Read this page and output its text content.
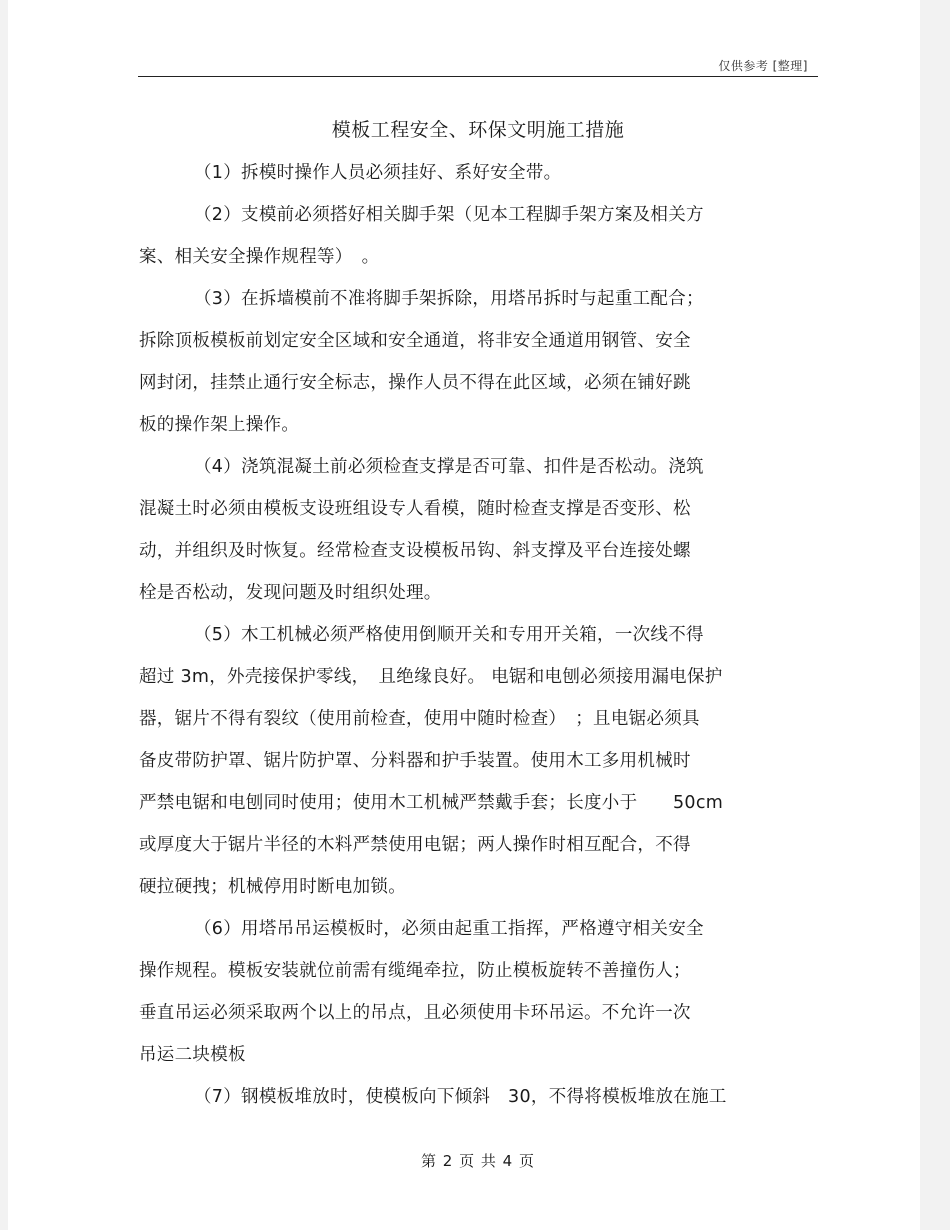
仅供参考 [整理]
模板工程安全、环保文明施工措施
（1）拆模时操作人员必须挂好、系好安全带。
（2）支模前必须搭好相关脚手架（见本工程脚手架方案及相关方
案、相关安全操作规程等）　。
（3）在拆墙模前不准将脚手架拆除，用塔吊拆时与起重工配合；
拆除顶板模板前划定安全区域和安全通道，将非安全通道用钢管、安全
网封闭，挂禁止通行安全标志，操作人员不得在此区域，必须在铺好跳
板的操作架上操作。
（4）浇筑混凝土前必须检查支撑是否可靠、扣件是否松动。浇筑
混凝土时必须由模板支设班组设专人看模，随时检查支撑是否变形、松
动，并组织及时恢复。经常检查支设模板吊钩、斜支撑及平台连接处螺
栓是否松动，发现问题及时组织处理。
（5）木工机械必须严格使用倒顺开关和专用开关箱，一次线不得
超过 3m，外壳接保护零线，　且绝缘良好。 电锯和电刨必须接用漏电保护
器，锯片不得有裂纹（使用前检查，使用中随时检查）　；且电锯必须具
备皮带防护罩、锯片防护罩、分料器和护手装置。使用木工多用机械时
严禁电锯和电刨同时使用；使用木工机械严禁戴手套；长度小于　　50cm
或厚度大于锯片半径的木料严禁使用电锯；两人操作时相互配合，不得
硬拉硬拽；机械停用时断电加锁。
（6）用塔吊吊运模板时，必须由起重工指挥，严格遵守相关安全
操作规程。模板安装就位前需有缆绳牵拉，防止模板旋转不善撞伤人；
垂直吊运必须采取两个以上的吊点，且必须使用卡环吊运。不允许一次
吊运二块模板
（7）钢模板堆放时，使模板向下倾斜　30，不得将模板堆放在施工
第 2 页 共 4 页
